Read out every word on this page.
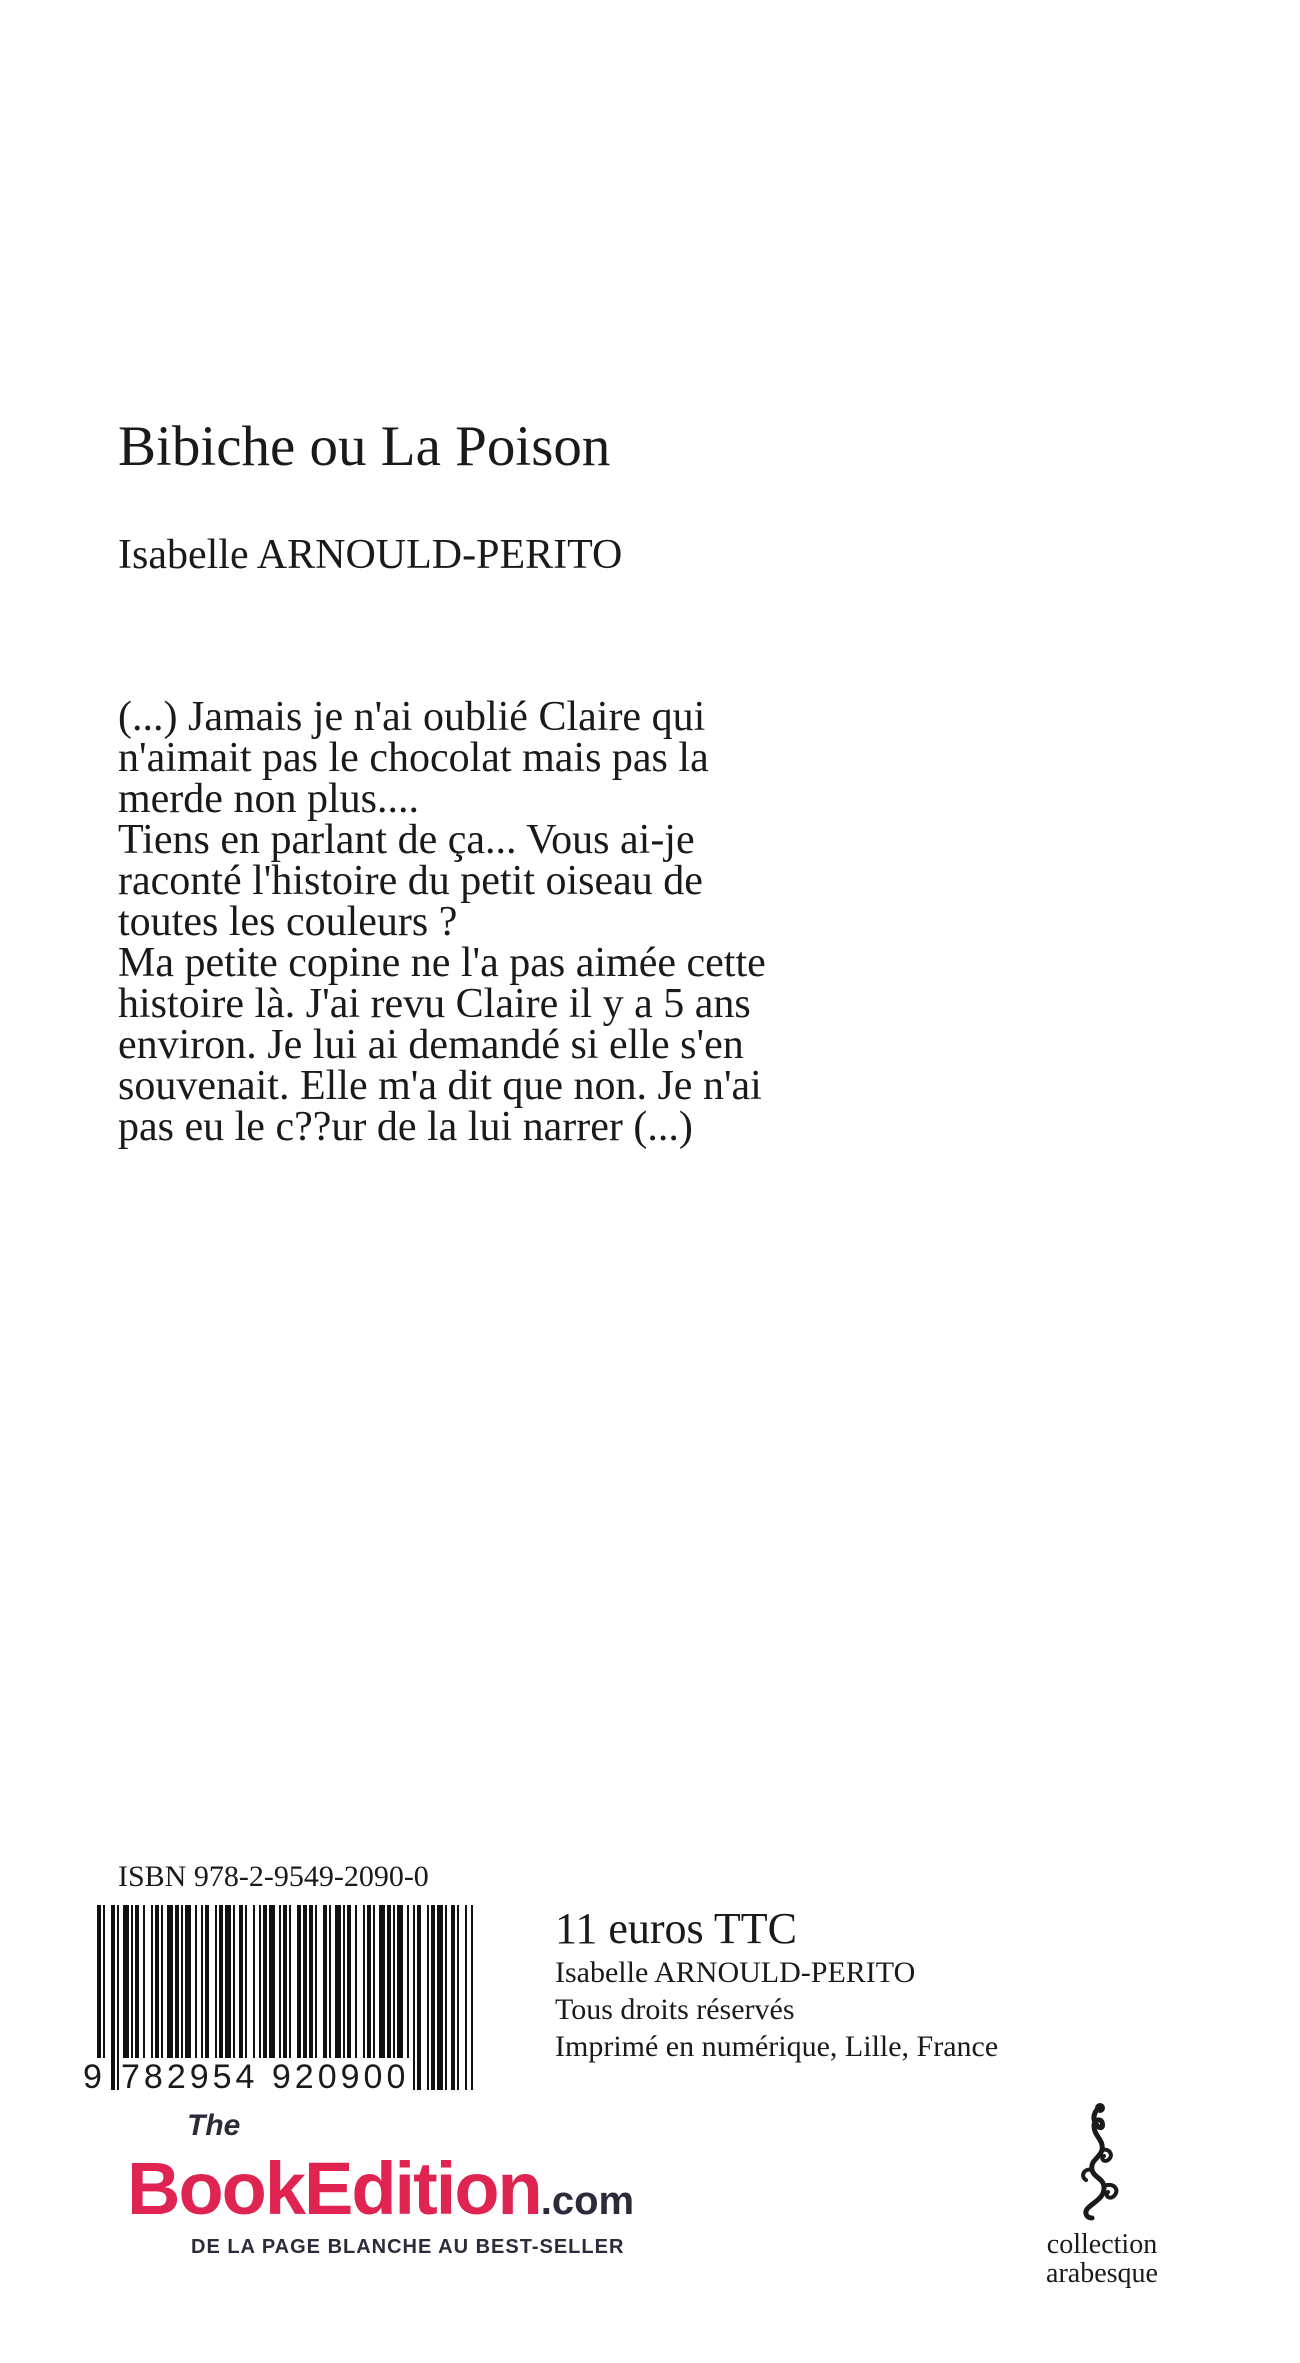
Bibiche ou La Poison
Isabelle ARNOULD-PERITO

(...) Jamais je n'ai oublié Claire qui

n'aimait pas le chocolat mais pas la

merde non plus....

Tiens en parlant de ça... Vous ai-je

raconté l'histoire du petit oiseau de

toutes les couleurs ?

Ma petite copine ne l'a pas aimée cette

histoire là. J'ai revu Claire il y a 5 ans

environ. Je lui ai demandé si elle s'en

souvenait. Elle m'a dit que non. Je n'ai

pas eu le c??ur de la lui narrer (...)

ISBN 978-2-9549-2090-0
9 782954 920900
11 euros TTC
Isabelle ARNOULD-PERITO
Tous droits réservés
Imprimé en numérique, Lille, France
The
BookEdition.com
DE LA PAGE BLANCHE AU BEST-SELLER	collection
arabesque
